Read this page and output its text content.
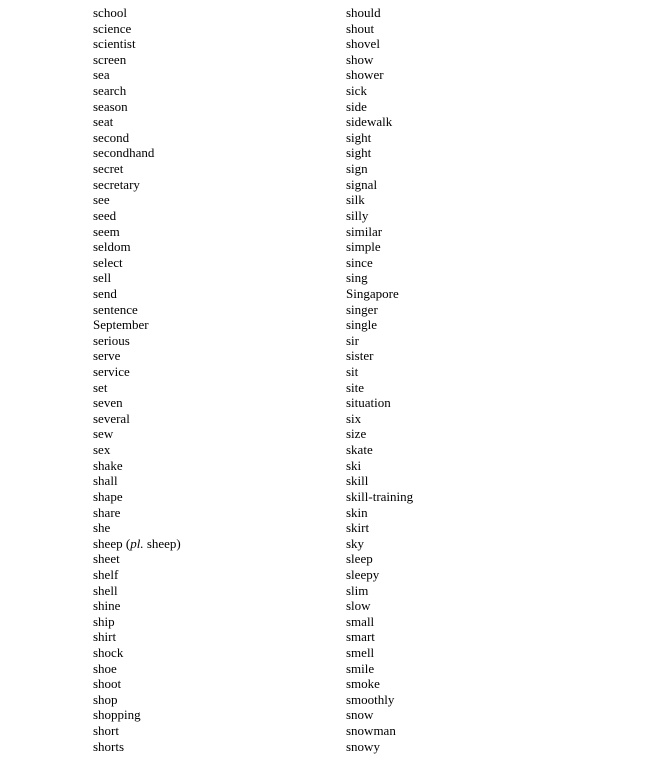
school
science
scientist
screen
sea
search
season
seat
second
secondhand
secret
secretary
see
seed
seem
seldom
select
sell
send
sentence
September
serious
serve
service
set
seven
several
sew
sex
shake
shall
shape
share
she
sheep (pl. sheep)
sheet
shelf
shell
shine
ship
shirt
shock
shoe
shoot
shop
shopping
short
shorts
should
shout
shovel
show
shower
sick
side
sidewalk
sight
sight
sign
signal
silk
silly
similar
simple
since
sing
Singapore
singer
single
sir
sister
sit
site
situation
six
size
skate
ski
skill
skill-training
skin
skirt
sky
sleep
sleepy
slim
slow
small
smart
smell
smile
smoke
smoothly
snow
snowman
snowy
